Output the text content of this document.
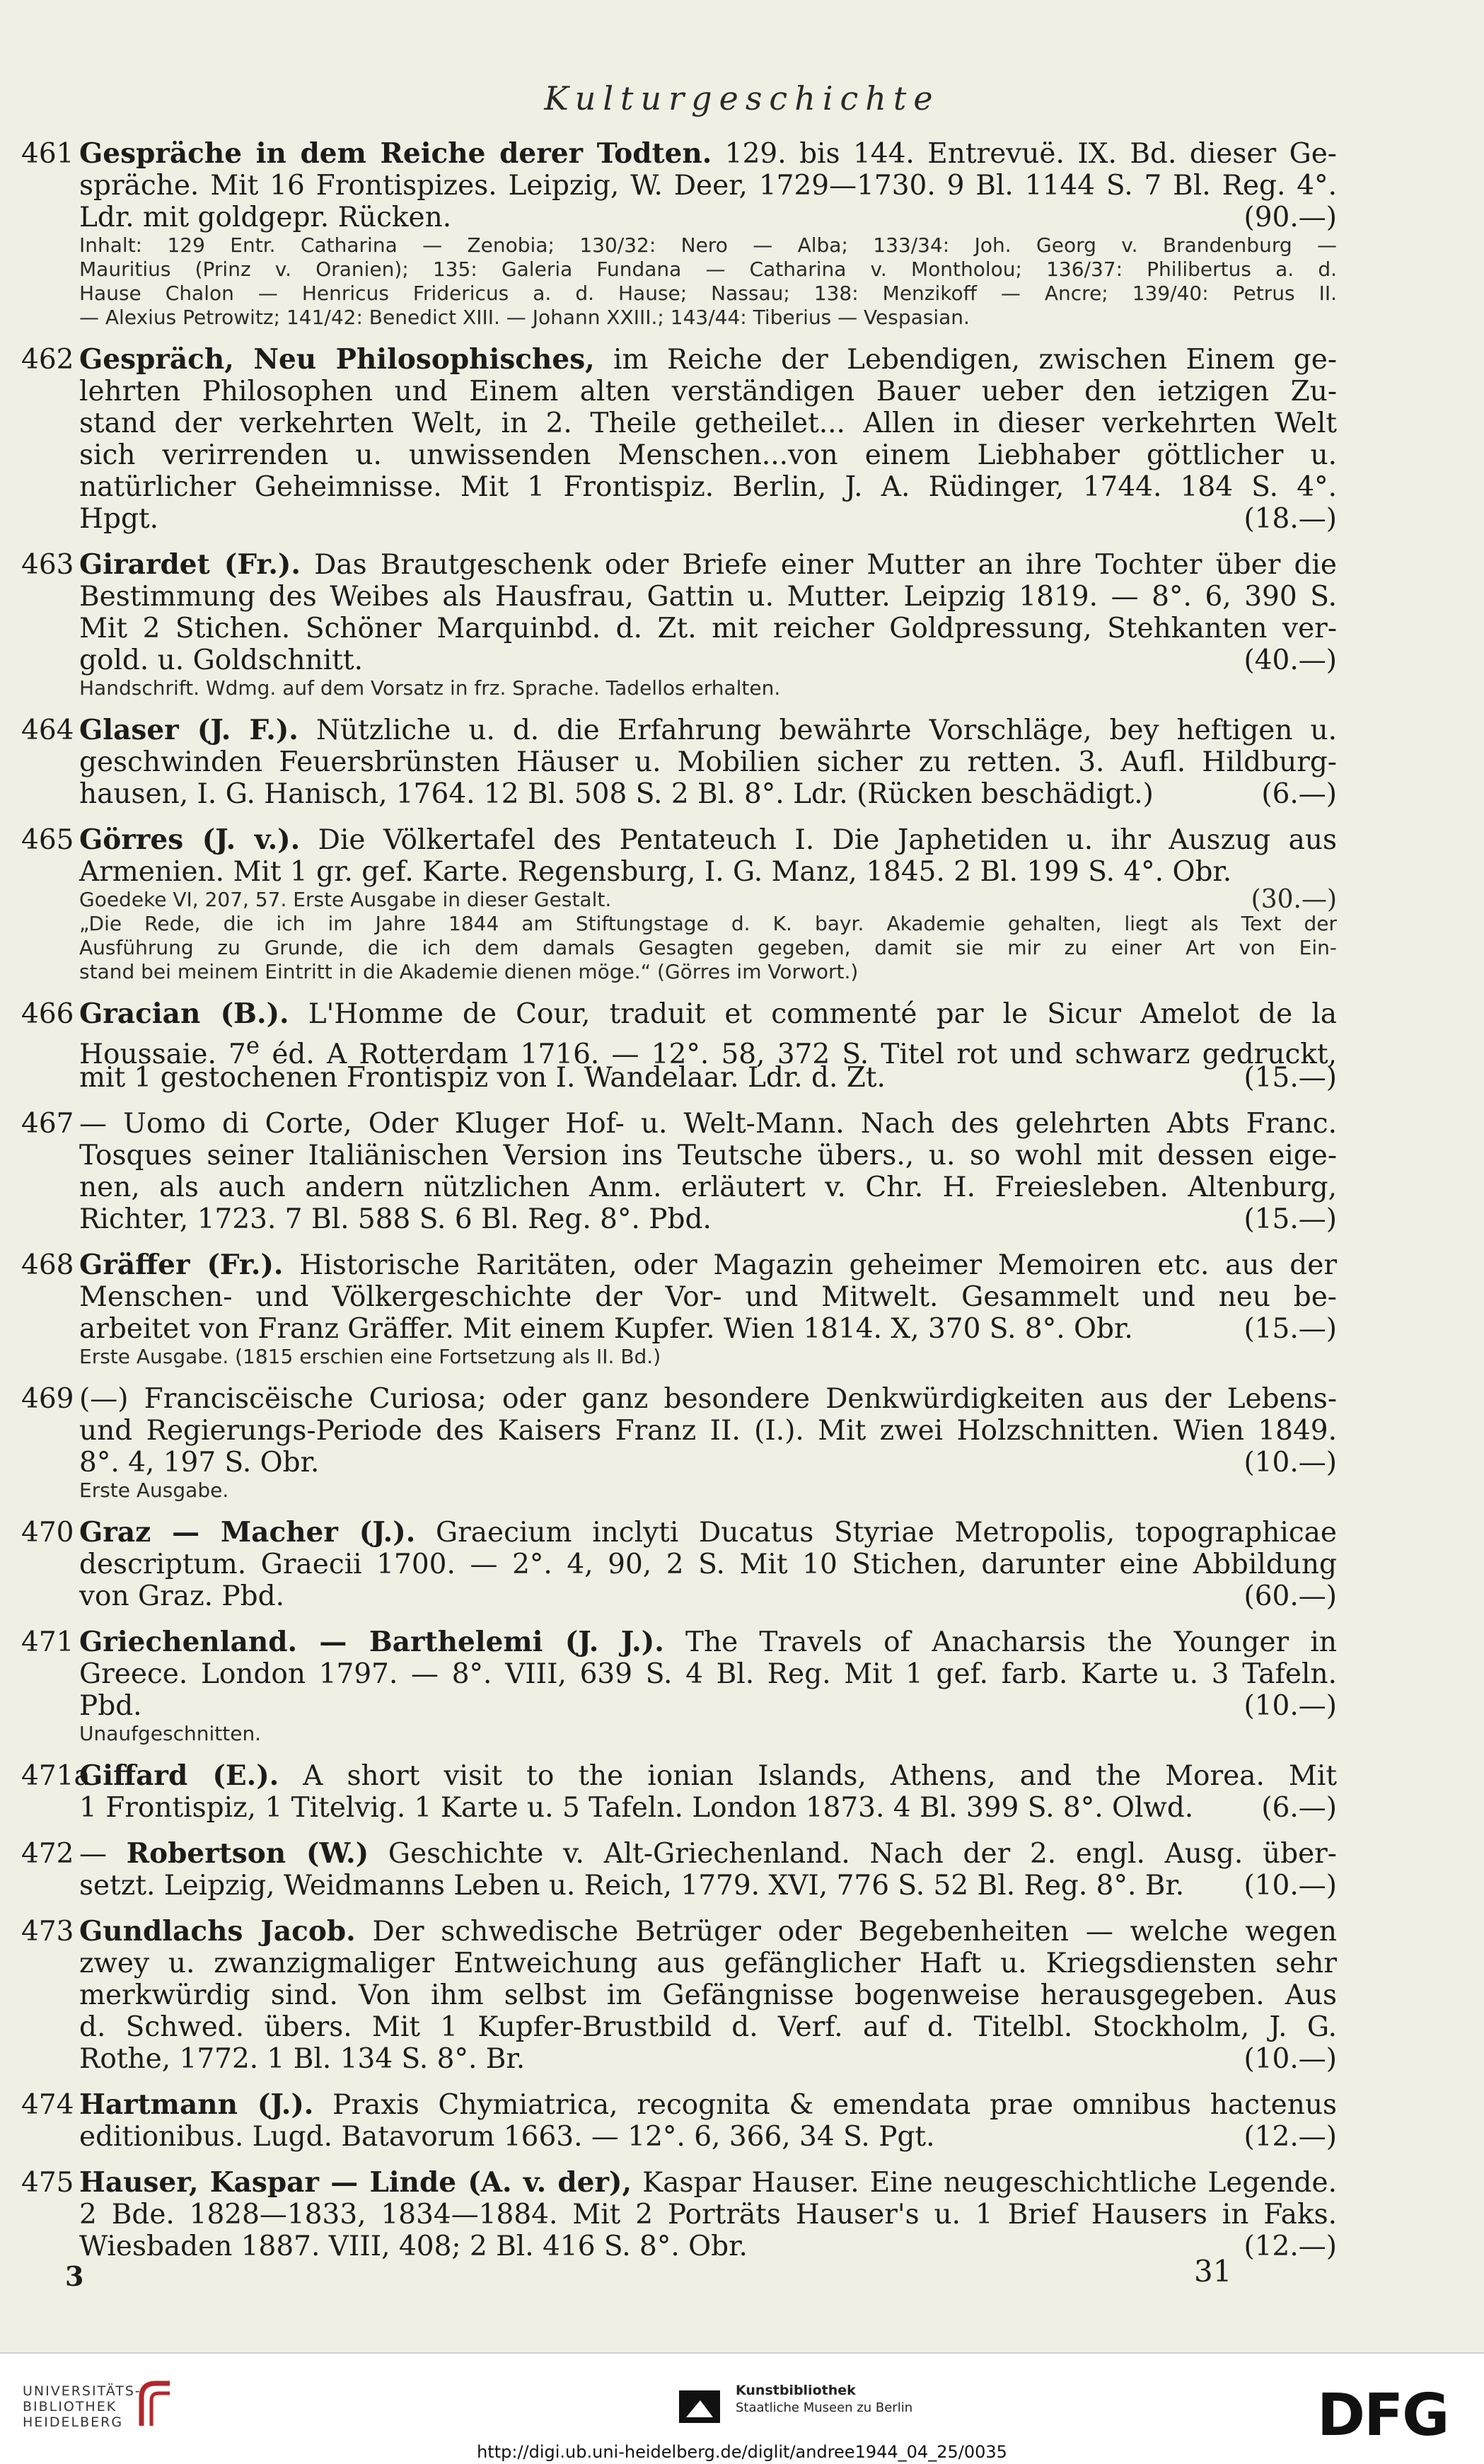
Kulturgeschichte
461 Gespräche in dem Reiche derer Todten. 129. bis 144. Entrevuë. IX. Bd. dieser Ge-
spräche. Mit 16 Frontispizes. Leipzig, W. Deer, 1729—1730. 9 Bl. 1144 S. 7 Bl. Reg. 4°.
Ldr. mit goldgepr. Rücken.	(90.—)
Inhalt: 129 Entr. Catharina — Zenobia; 130/32: Nero — Alba; 133/34: Joh. Georg v. Brandenburg —
Mauritius (Prinz v. Oranien); 135: Galeria Fundana — Catharina v. Montholou; 136/37: Philibertus a. d.
Hause Chalon — Henricus Fridericus a. d. Hause; Nassau; 138: Menzikoff — Ancre; 139/40: Petrus II.
— Alexius Petrowitz; 141/42: Benedict XIII. — Johann XXIII.; 143/44: Tiberius — Vespasian.
462 Gespräch, Neu Philosophisches, im Reiche der Lebendigen, zwischen Einem ge-
lehrten Philosophen und Einem alten verständigen Bauer ueber den ietzigen Zu-
stand der verkehrten Welt, in 2. Theile getheilet... Allen in dieser verkehrten Welt
sich verirrenden u. unwissenden Menschen...von einem Liebhaber göttlicher u.
natürlicher Geheimnisse. Mit 1 Frontispiz. Berlin, J. A. Rüdinger, 1744. 184 S. 4°.
Hpgt.	(18.—)
463 Girardet (Fr.). Das Brautgeschenk oder Briefe einer Mutter an ihre Tochter über die
Bestimmung des Weibes als Hausfrau, Gattin u. Mutter. Leipzig 1819. — 8°. 6, 390 S.
Mit 2 Stichen. Schöner Marquinbd. d. Zt. mit reicher Goldpressung, Stehkanten ver-
gold. u. Goldschnitt.	(40.—)
Handschrift. Wdmg. auf dem Vorsatz in frz. Sprache. Tadellos erhalten.
464 Glaser (J. F.). Nützliche u. d. die Erfahrung bewährte Vorschläge, bey heftigen u.
geschwinden Feuersbrünsten Häuser u. Mobilien sicher zu retten. 3. Aufl. Hildburg-
hausen, I. G. Hanisch, 1764. 12 Bl. 508 S. 2 Bl. 8°. Ldr. (Rücken beschädigt.)	(6.—)
465 Görres (J. v.). Die Völkertafel des Pentateuch I. Die Japhetiden u. ihr Auszug aus
Armenien. Mit 1 gr. gef. Karte. Regensburg, I. G. Manz, 1845. 2 Bl. 199 S. 4°. Obr.
Goedeke VI, 207, 57. Erste Ausgabe in dieser Gestalt.	(30.—)
„Die Rede, die ich im Jahre 1844 am Stiftungstage d. K. bayr. Akademie gehalten, liegt als Text der
Ausführung zu Grunde, die ich dem damals Gesagten gegeben, damit sie mir zu einer Art von Ein-
stand bei meinem Eintritt in die Akademie dienen möge.“ (Görres im Vorwort.)
466 Gracian (B.). L'Homme de Cour, traduit et commenté par le Sicur Amelot de la
Houssaie. 7e éd. A Rotterdam 1716. — 12°. 58, 372 S. Titel rot und schwarz gedruckt,
mit 1 gestochenen Frontispiz von I. Wandelaar. Ldr. d. Zt.	(15.—)
467 — Uomo di Corte, Oder Kluger Hof- u. Welt-Mann. Nach des gelehrten Abts Franc.
Tosques seiner Italiänischen Version ins Teutsche übers., u. so wohl mit dessen eige-
nen, als auch andern nützlichen Anm. erläutert v. Chr. H. Freiesleben. Altenburg,
Richter, 1723. 7 Bl. 588 S. 6 Bl. Reg. 8°. Pbd.	(15.—)
468 Gräffer (Fr.). Historische Raritäten, oder Magazin geheimer Memoiren etc. aus der
Menschen- und Völkergeschichte der Vor- und Mitwelt. Gesammelt und neu be-
arbeitet von Franz Gräffer. Mit einem Kupfer. Wien 1814. X, 370 S. 8°. Obr.	(15.—)
Erste Ausgabe. (1815 erschien eine Fortsetzung als II. Bd.)
469 (—) Franciscëische Curiosa; oder ganz besondere Denkwürdigkeiten aus der Lebens-
und Regierungs-Periode des Kaisers Franz II. (I.). Mit zwei Holzschnitten. Wien 1849.
8°. 4, 197 S. Obr.	(10.—)
Erste Ausgabe.
470 Graz — Macher (J.). Graecium inclyti Ducatus Styriae Metropolis, topographicae
descriptum. Graecii 1700. — 2°. 4, 90, 2 S. Mit 10 Stichen, darunter eine Abbildung
von Graz. Pbd.	(60.—)
471 Griechenland. — Barthelemi (J. J.). The Travels of Anacharsis the Younger in
Greece. London 1797. — 8°. VIII, 639 S. 4 Bl. Reg. Mit 1 gef. farb. Karte u. 3 Tafeln.
Pbd.	(10.—)
Unaufgeschnitten.
471a
Giffard (E.). A short visit to the ionian Islands, Athens, and the Morea. Mit
1 Frontispiz, 1 Titelvig. 1 Karte u. 5 Tafeln. London 1873. 4 Bl. 399 S. 8°. Olwd. (6.—)
472 — Robertson (W.) Geschichte v. Alt-Griechenland. Nach der 2. engl. Ausg. über-
setzt. Leipzig, Weidmanns Leben u. Reich, 1779. XVI, 776 S. 52 Bl. Reg. 8°. Br. (10.—)
473 Gundlachs Jacob. Der schwedische Betrüger oder Begebenheiten — welche wegen
zwey u. zwanzigmaliger Entweichung aus gefänglicher Haft u. Kriegsdiensten sehr
merkwürdig sind. Von ihm selbst im Gefängnisse bogenweise herausgegeben. Aus
d. Schwed. übers. Mit 1 Kupfer-Brustbild d. Verf. auf d. Titelbl. Stockholm, J. G.
Rothe, 1772. 1 Bl. 134 S. 8°. Br.	(10.—)
474 Hartmann (J.). Praxis Chymiatrica, recognita & emendata prae omnibus hactenus
editionibus. Lugd. Batavorum 1663. — 12°. 6, 366, 34 S. Pgt.	(12.—)
475 Hauser, Kaspar — Linde (A. v. der), Kaspar Hauser. Eine neugeschichtliche Legende.
2 Bde. 1828—1833, 1834—1884. Mit 2 Porträts Hauser's u. 1 Brief Hausers in Faks.
Wiesbaden 1887. VIII, 408; 2 Bl. 416 S. 8°. Obr.	(12.—)
3	31
UNIVERSITÄTS-
BIBLIOTHEK
HEIDELBERG
Kunstbibliothek
Staatliche Museen zu Berlin	DFG
http://digi.ub.uni-heidelberg.de/diglit/andree1944_04_25/0035
